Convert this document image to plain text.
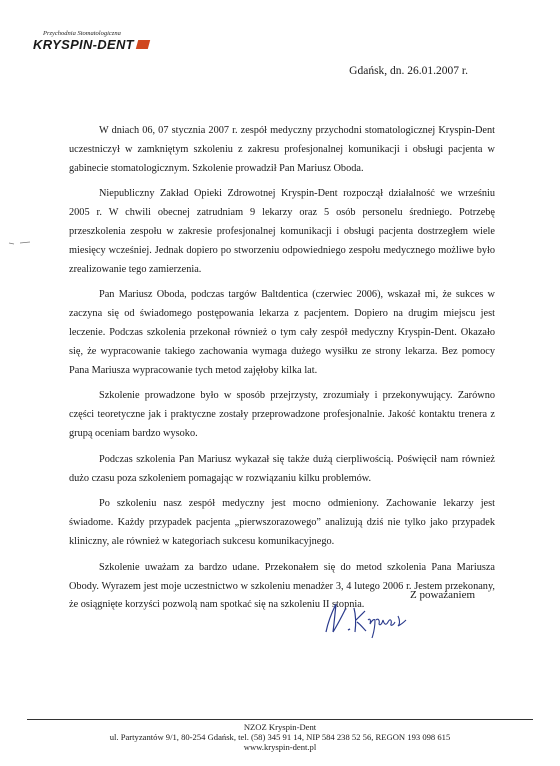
Przychodnia Stomatologiczna
KRYSPIN-DENT
Gdańsk, dn. 26.01.2007 r.

W dniach 06, 07 stycznia 2007 r. zespół medyczny przychodni stomatologicznej Kryspin-Dent uczestniczył w zamkniętym szkoleniu z zakresu profesjonalnej komunikacji i obsługi pacjenta w gabinecie stomatologicznym. Szkolenie prowadził Pan Mariusz Oboda.

Niepubliczny Zakład Opieki Zdrowotnej Kryspin-Dent rozpoczął działalność we wrześniu 2005 r. W chwili obecnej zatrudniam 9 lekarzy oraz 5 osób personelu średniego. Potrzebę przeszkolenia zespołu w zakresie profesjonalnej komunikacji i obsługi pacjenta dostrzegłem wiele miesięcy wcześniej. Jednak dopiero po stworzeniu odpowiedniego zespołu medycznego możliwe było zrealizowanie tego zamierzenia.

Pan Mariusz Oboda, podczas targów Baltdentica (czerwiec 2006), wskazał mi, że sukces w zaczyna się od świadomego postępowania lekarza z pacjentem. Dopiero na drugim miejscu jest leczenie. Podczas szkolenia przekonał również o tym cały zespół medyczny Kryspin-Dent. Okazało się, że wypracowanie takiego zachowania wymaga dużego wysiłku ze strony lekarza. Bez pomocy Pana Mariusza wypracowanie tych metod zajęłoby kilka lat.

Szkolenie prowadzone było w sposób przejrzysty, zrozumiały i przekonywujący. Zarówno części teoretyczne jak i praktyczne zostały przeprowadzone profesjonalnie. Jakość kontaktu trenera z grupą oceniam bardzo wysoko.

Podczas szkolenia Pan Mariusz wykazał się także dużą cierpliwością. Poświęcił nam również dużo czasu poza szkoleniem pomagając w rozwiązaniu kilku problemów.

Po szkoleniu nasz zespół medyczny jest mocno odmieniony. Zachowanie lekarzy jest świadome. Każdy przypadek pacjenta „pierwszorazowego” analizują dziś nie tylko jako przypadek kliniczny, ale również w kategoriach sukcesu komunikacyjnego.

Szkolenie uważam za bardzo udane. Przekonałem się do metod szkolenia Pana Mariusza Obody. Wyrazem jest moje uczestnictwo w szkoleniu menadżer 3, 4 lutego 2006 r. Jestem przekonany, że osiągnięte korzyści pozwolą nam spotkać się na szkoleniu II stopnia.

Z poważaniem
NZOZ Kryspin-Dent
ul. Partyzantów 9/1, 80-254 Gdańsk, tel. (58) 345 91 14, NIP 584 238 52 56, REGON 193 098 615
www.kryspin-dent.pl
